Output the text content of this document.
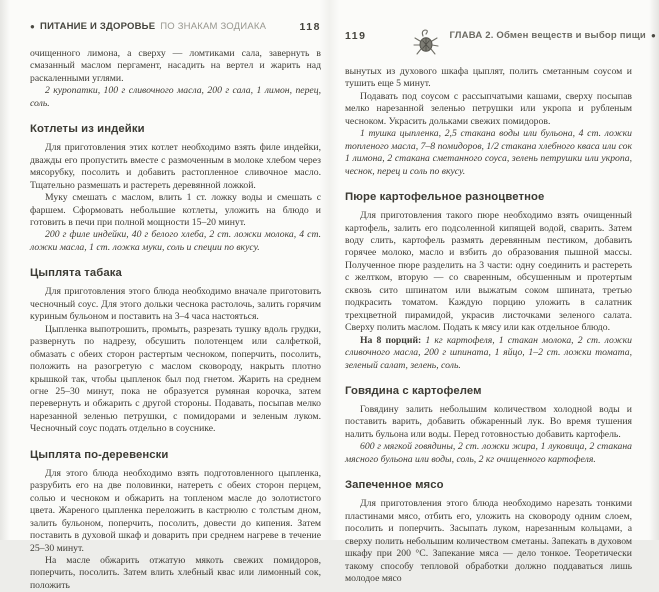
● ПИТАНИЕ И ЗДОРОВЬЕ ПО ЗНАКАМ ЗОДИАКА	118

очищенного лимона, а сверху — ломтиками сала, завернуть в смазанный маслом пергамент, насадить на вертел и жарить над раскаленными углями.

2 куропатки, 100 г сливочного масла, 200 г сала, 1 лимон, перец, соль.

Котлеты из индейки

Для приготовления этих котлет необходимо взять филе индейки, дважды его пропустить вместе с размоченным в молоке хлебом через мясорубку, посолить и добавить растопленное сливочное масло. Тщательно размешать и растереть деревянной ложкой.

Муку смешать с маслом, влить 1 ст. ложку воды и смешать с фаршем. Сформовать небольшие котлеты, уложить на блюдо и готовить в печи при полной мощности 15–20 минут.

200 г филе индейки, 40 г белого хлеба, 2 ст. ложки молока, 4 ст. ложки масла, 1 ст. ложка муки, соль и специи по вкусу.

Цыплята табака

Для приготовления этого блюда необходимо вначале приготовить чесночный соус. Для этого дольки чеснока растолочь, залить горячим куриным бульоном и поставить на 3–4 часа настояться.

Цыпленка выпотрошить, промыть, разрезать тушку вдоль грудки, развернуть по надрезу, обсушить полотенцем или салфеткой, обмазать с обеих сторон растертым чесноком, поперчить, посолить, положить на разогретую с маслом сковороду, накрыть плотно крышкой так, чтобы цыпленок был под гнетом. Жарить на среднем огне 25–30 минут, пока не образуется румяная корочка, затем перевернуть и обжарить с другой стороны. Подавать, посыпав мелко нарезанной зеленью петрушки, с помидорами и зеленым луком. Чесночный соус подать отдельно в соуснике.

Цыплята по-деревенски

Для этого блюда необходимо взять подготовленного цыпленка, разрубить его на две половинки, натереть с обеих сторон перцем, солью и чесноком и обжарить на топленом масле до золотистого цвета. Жареного цыпленка переложить в кастрюлю с толстым дном, залить бульоном, поперчить, посолить, довести до кипения. Затем поставить в духовой шкаф и доварить при среднем нагреве в течение 25–30 минут.

На масле обжарить отжатую мякоть свежих помидоров, поперчить, посолить. Затем влить хлебный квас или лимонный сок, положить

119	ГЛАВА 2. Обмен веществ и выбор пищи ●

вынутых из духового шкафа цыплят, полить сметанным соусом и тушить еще 5 минут.

Подавать под соусом с рассыпчатыми кашами, сверху посыпав мелко нарезанной зеленью петрушки или укропа и рубленым чесноком. Украсить дольками свежих помидоров.

1 тушка цыпленка, 2,5 стакана воды или бульона, 4 ст. ложки топленого масла, 7–8 помидоров, 1/2 стакана хлебного кваса или сок 1 лимона, 2 стакана сметанного соуса, зелень петрушки или укропа, чеснок, перец и соль по вкусу.

Пюре картофельное разноцветное

Для приготовления такого пюре необходимо взять очищенный картофель, залить его подсоленной кипящей водой, сварить. Затем воду слить, картофель размять деревянным пестиком, добавить горячее молоко, масло и взбить до образования пышной массы. Полученное пюре разделить на 3 части: одну соединить и растереть с желтком, вторую — со сваренным, обсушенным и протертым сквозь сито шпинатом или выжатым соком шпината, третью подкрасить томатом. Каждую порцию уложить в салатник трехцветной пирамидой, украсив листочками зеленого салата. Сверху полить маслом. Подать к мясу или как отдельное блюдо.

На 8 порций: 1 кг картофеля, 1 стакан молока, 2 ст. ложки сливочного масла, 200 г шпината, 1 яйцо, 1–2 ст. ложки томата, зеленый салат, зелень, соль.

Говядина с картофелем

Говядину залить небольшим количеством холодной воды и поставить варить, добавить обжаренный лук. Во время тушения налить бульона или воды. Перед готовностью добавить картофель.

600 г мягкой говядины, 2 ст. ложки жира, 1 луковица, 2 стакана мясного бульона или воды, соль, 2 кг очищенного картофеля.

Запеченное мясо

Для приготовления этого блюда необходимо нарезать тонкими пластинами мясо, отбить его, уложить на сковороду одним слоем, посолить и поперчить. Засыпать луком, нарезанным кольцами, а сверху полить небольшим количеством сметаны. Запекать в духовом шкафу при 200 °С. Запекание мяса — дело тонкое. Теоретически такому способу тепловой обработки должно поддаваться лишь молодое мясо
